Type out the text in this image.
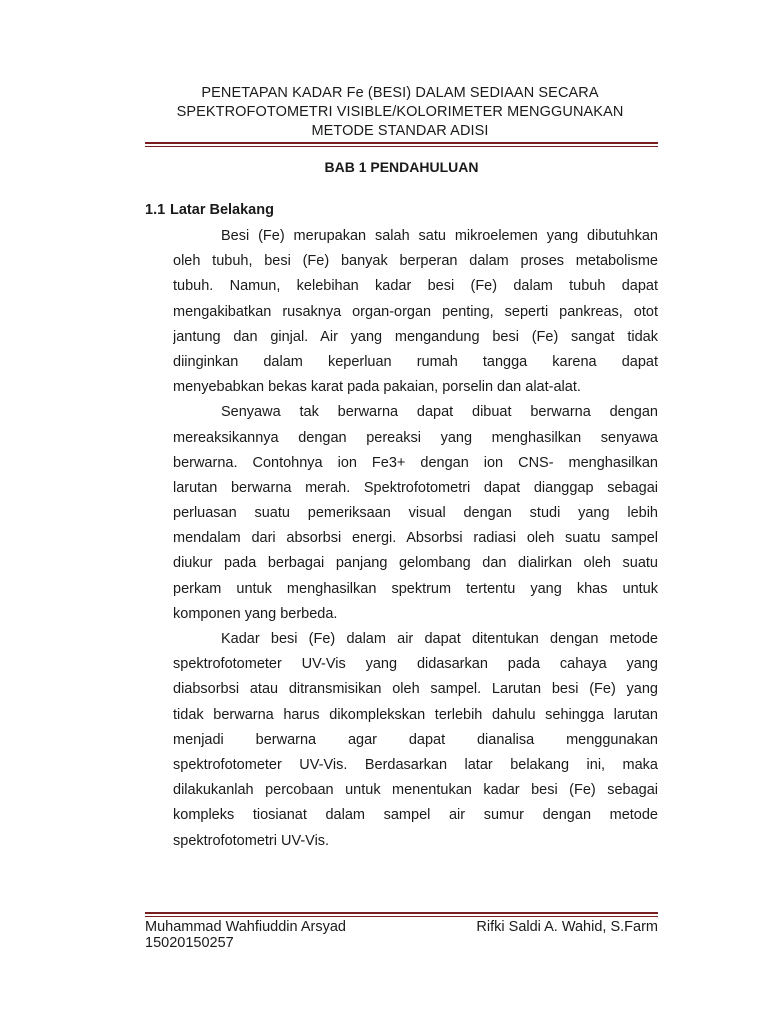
PENETAPAN KADAR Fe (BESI) DALAM SEDIAAN SECARA
SPEKTROFOTOMETRI VISIBLE/KOLORIMETER MENGGUNAKAN
METODE STANDAR ADISI
BAB 1 PENDAHULUAN
1.1 Latar Belakang
Besi (Fe) merupakan salah satu mikroelemen yang dibutuhkan
oleh tubuh, besi (Fe) banyak berperan dalam proses metabolisme
tubuh. Namun, kelebihan kadar besi (Fe) dalam tubuh dapat
mengakibatkan rusaknya organ-organ penting, seperti pankreas, otot
jantung dan ginjal. Air yang mengandung besi (Fe) sangat tidak
diinginkan dalam keperluan rumah tangga karena dapat
menyebabkan bekas karat pada pakaian, porselin dan alat-alat.
Senyawa tak berwarna dapat dibuat berwarna dengan
mereaksikannya dengan pereaksi yang menghasilkan senyawa
berwarna. Contohnya ion Fe3+ dengan ion CNS- menghasilkan
larutan berwarna merah. Spektrofotometri dapat dianggap sebagai
perluasan suatu pemeriksaan visual dengan studi yang lebih
mendalam dari absorbsi energi. Absorbsi radiasi oleh suatu sampel
diukur pada berbagai panjang gelombang dan dialirkan oleh suatu
perkam untuk menghasilkan spektrum tertentu yang khas untuk
komponen yang berbeda.
Kadar besi (Fe) dalam air dapat ditentukan dengan metode
spektrofotometer UV-Vis yang didasarkan pada cahaya yang
diabsorbsi atau ditransmisikan oleh sampel. Larutan besi (Fe) yang
tidak berwarna harus dikomplekskan terlebih dahulu sehingga larutan
menjadi berwarna agar dapat dianalisa menggunakan
spektrofotometer UV-Vis. Berdasarkan latar belakang ini, maka
dilakukanlah percobaan untuk menentukan kadar besi (Fe) sebagai
kompleks tiosianat dalam sampel air sumur dengan metode
spektrofotometri UV-Vis.
Muhammad Wahfiuddin Arsyad	Rifki Saldi A. Wahid, S.Farm
15020150257
